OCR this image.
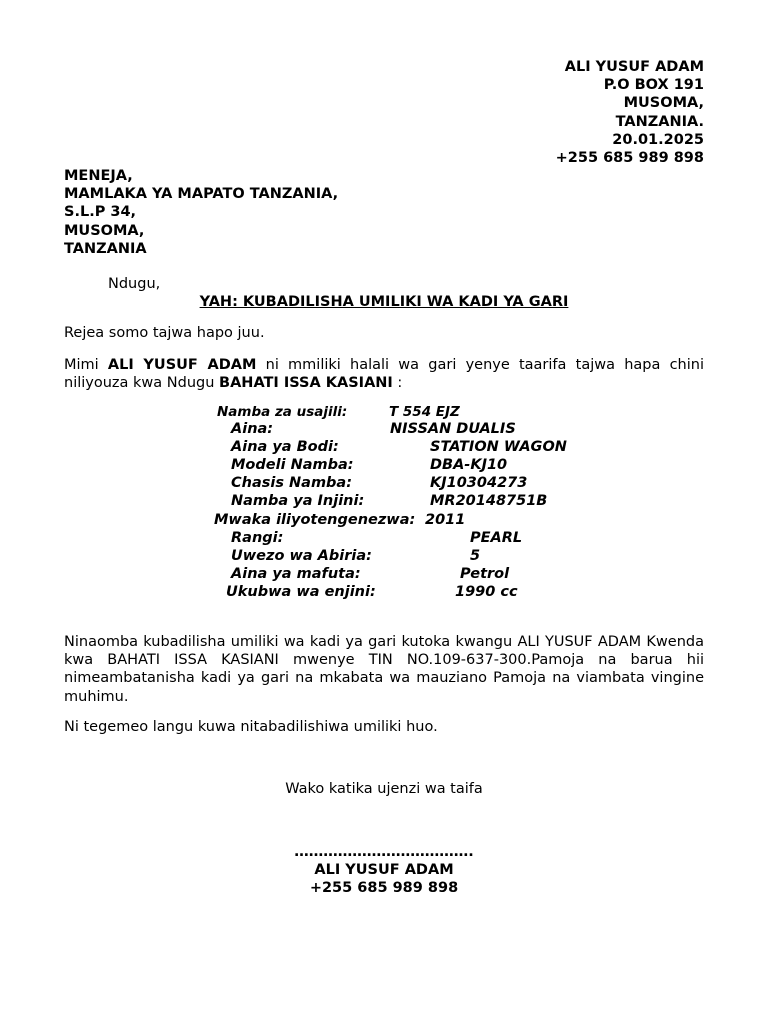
ALI YUSUF ADAM
P.O BOX 191
MUSOMA,
TANZANIA.
20.01.2025
+255 685 989 898
MENEJA,
MAMLAKA YA MAPATO TANZANIA,
S.L.P 34,
MUSOMA,
TANZANIA
Ndugu,
YAH: KUBADILISHA UMILIKI WA KADI YA GARI
Rejea somo tajwa hapo juu.
Mimi ALI YUSUF ADAM ni mmiliki halali wa gari yenye taarifa tajwa hapa chini niliyouza kwa Ndugu BAHATI ISSA KASIANI :
Namba za usajili:	T 554 EJZ
Aina:	NISSAN DUALIS
Aina ya Bodi:	STATION WAGON
Modeli Namba:	DBA-KJ10
Chasis Namba:	KJ10304273
Namba ya Injini:	MR20148751B
Mwaka iliyotengenezwa: 2011
Rangi:	PEARL
Uwezo wa Abiria:	5
Aina ya mafuta:	Petrol
Ukubwa wa enjini:	1990 cc
Ninaomba kubadilisha umiliki wa kadi ya gari kutoka kwangu ALI YUSUF ADAM Kwenda kwa BAHATI ISSA KASIANI mwenye TIN NO.109-637-300.Pamoja na barua hii nimeambatanisha kadi ya gari na mkabata wa mauziano Pamoja na viambata vingine muhimu.
Ni tegemeo langu kuwa nitabadilishiwa umiliki huo.
Wako katika ujenzi wa taifa
……………………………….
ALI YUSUF ADAM
+255 685 989 898
